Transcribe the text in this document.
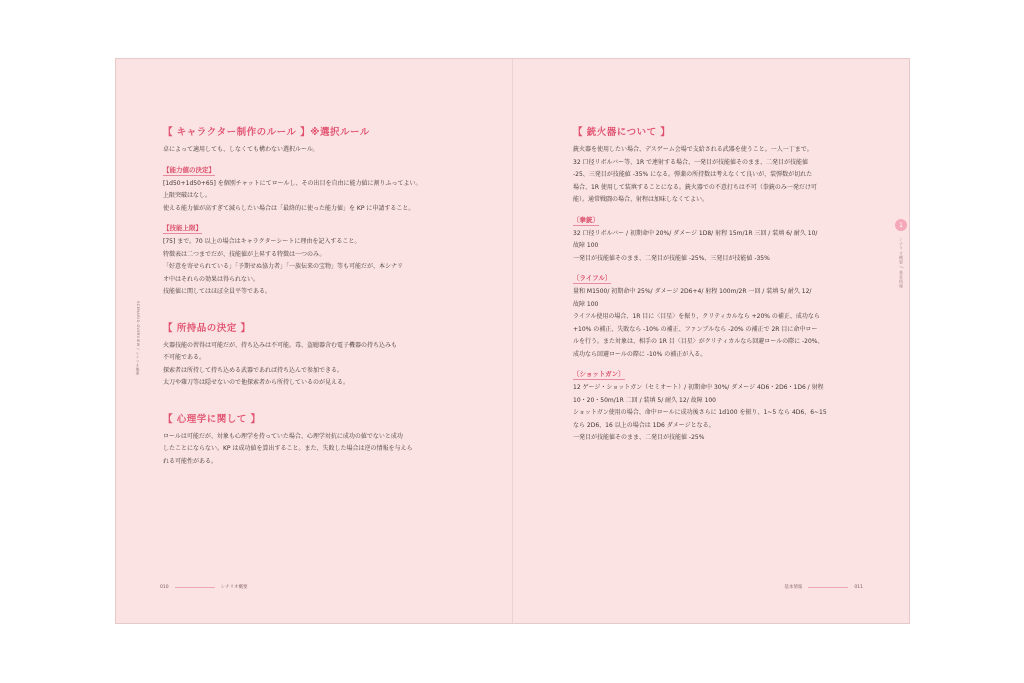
SCENARIO OVERVIEW / シナリオ概要
【 キャラクター制作のルール 】※選択ルール

卓によって適用しても、しなくても構わない選択ルール。

【能力値の決定】

[1d50+1d50+65] を個別チャットにてロールし、その出目を自由に能力値に割りふってよい。

上限突破はなし。

使える能力値が高すぎて減らしたい場合は「最終的に使った能力値」を KP に申請すること。

【技能上限】

[75] まで。70 以上の場合はキャラクターシートに理由を記入すること。

特徴表は二つまでだが、技能値が上昇する特徴は一つのみ。

「好意を寄せられている」「予期せぬ協力者」「一族伝来の宝物」等も可能だが、本シナリ

オ中はそれらの効果は得られない。

技能値に関してはほぼ全員平等である。

【 所持品の決定 】

火器技能の習得は可能だが、持ち込みは不可能。毒、盗聴器含む電子機器の持ち込みも

不可能である。

探索者は所持して持ち込める武器であれば持ち込んで参加できる。

太刀や薙刀等は隠せないので他探索者から所持しているのが見える。

【 心理学に関して 】

ロールは可能だが、対象も心理学を持っていた場合、心理学対抗に成功の値でないと成功

したことにならない。KP は成功値を算出すること。また、失敗した場合は逆の情報を与えら

れる可能性がある。

010	シナリオ概要
【 銃火器について 】

銃火器を使用したい場合、デスゲーム会場で支給される武器を使うこと。一人一丁まで。

32 口径リボルバー等、1R で連射する場合、一発目が技能値そのまま、二発目が技能値

-25、三発目が技能値 -35% になる。弾薬の所持数は考えなくて良いが、装弾数が切れた

場合、1R 使用して装填することになる。銃火器での不意打ちは不可（拳銃のみ一発だけ可

能）。通常戦闘の場合、射程は加味しなくてよい。

〔拳銃〕

32 口径リボルバー / 初期命中 20%/ ダメージ 1D8/ 射程 15m/1R 三回 / 装填 6/ 耐久 10/

故障 100

一発目が技能値そのまま、二発目が技能値 -25%、三発目が技能値 -35%

〔ライフル〕

量和 M1500/ 初期命中 25%/ ダメージ 2D6+4/ 射程 100m/2R 一回 / 装填 5/ 耐久 12/

故障 100

ライフル使用の場合、1R 目に〈目星〉を振り、クリティカルなら +20% の補正、成功なら

+10% の補正、失敗なら -10% の補正、ファンブルなら -20% の補正で 2R 目に命中ロー

ルを行う。また対象は、相手の 1R 目〈目星〉がクリティカルなら回避ロールの際に -20%、

成功なら回避ロールの際に -10% の補正が入る。

〔ショットガン〕

12 ゲージ・ショットガン（セミオート）/ 初期命中 30%/ ダメージ 4D6・2D6・1D6 / 射程

10・20・50m/1R 二回 / 装填 5/ 耐久 12/ 故障 100

ショットガン使用の場合、命中ロールに成功後さらに 1d100 を振り、1~5 なら 4D6、6~15

なら 2D6、16 以上の場合は 1D6 ダメージとなる。

一発目が技能値そのまま、二発目が技能値 -25%

1
シナリオ概要 / 基本情報
基本情報	011
